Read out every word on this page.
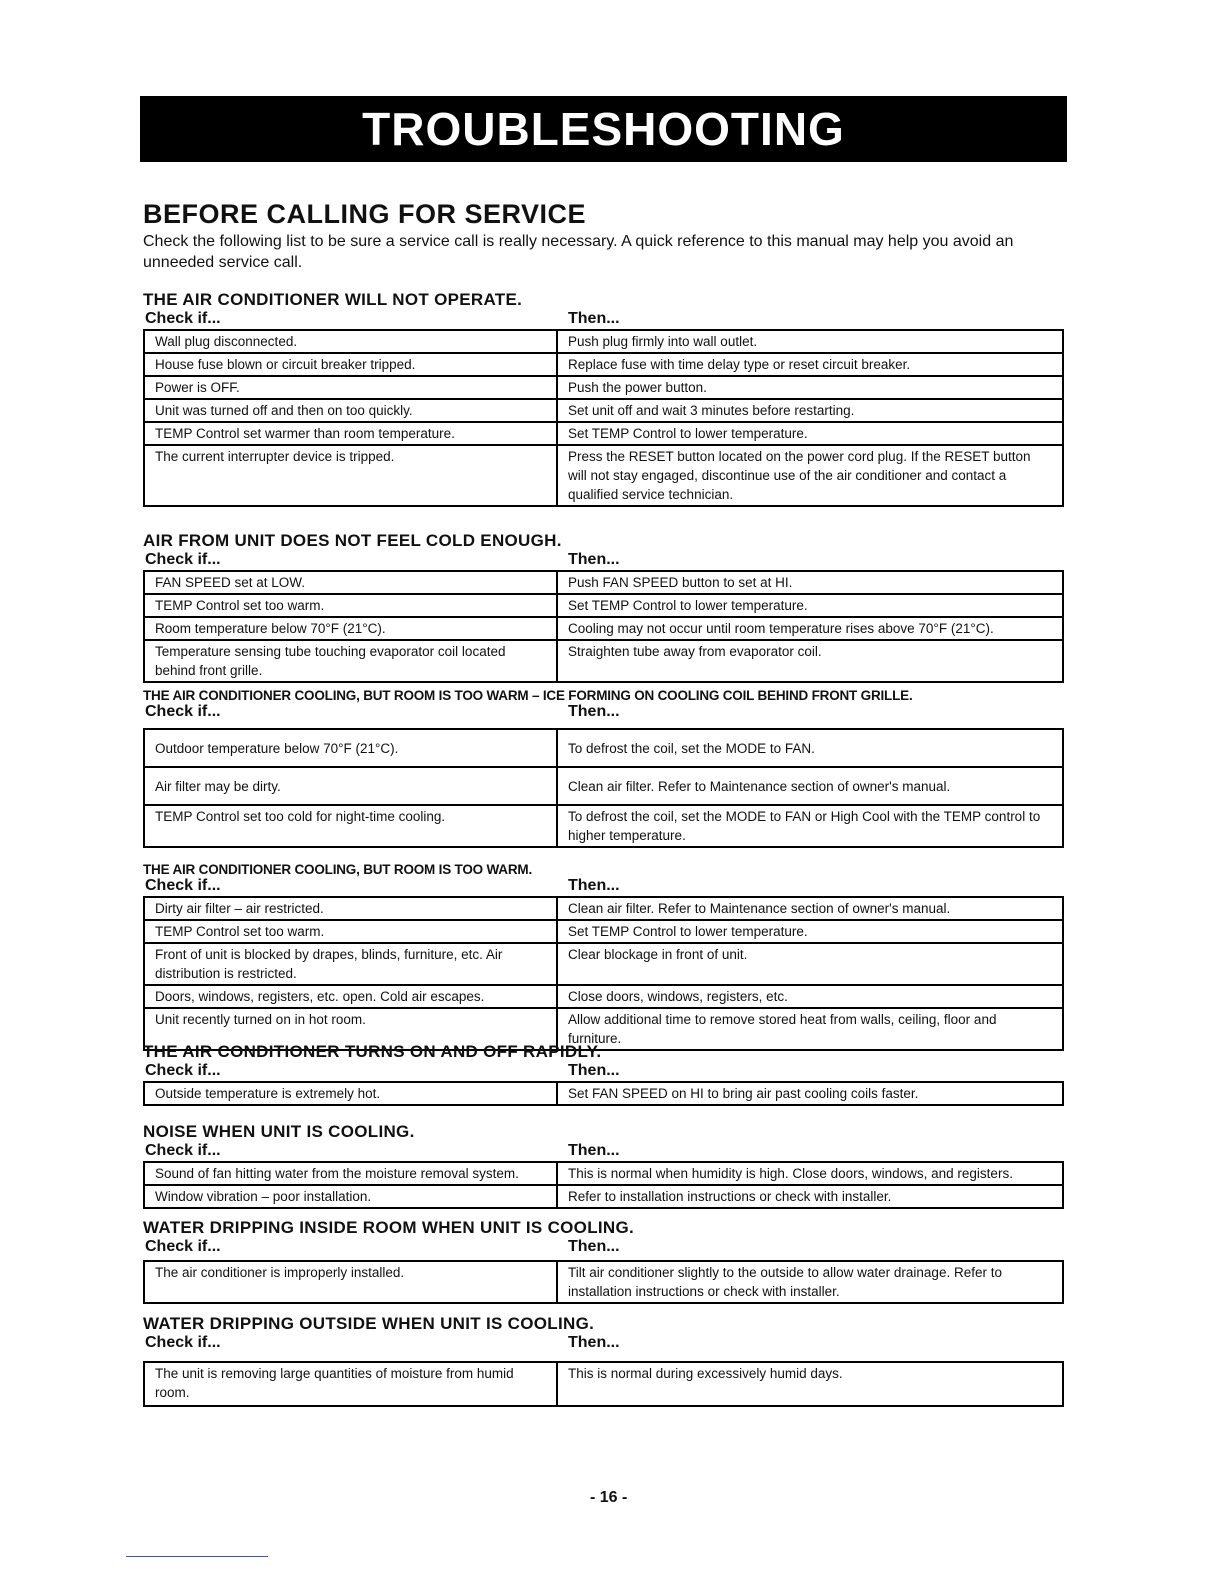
TROUBLESHOOTING
BEFORE CALLING FOR SERVICE
Check the following list to be sure a service call is really necessary. A quick reference to this manual may help you avoid an unneeded service call.
THE AIR CONDITIONER WILL NOT OPERATE.
Check if...	Then...
Wall plug disconnected.	Push plug firmly into wall outlet.
House fuse blown or circuit breaker tripped.	Replace fuse with time delay type or reset circuit breaker.
Power is OFF.	Push the power button.
Unit was turned off and then on too quickly.	Set unit off and wait 3 minutes before restarting.
TEMP Control set warmer than room temperature.	Set TEMP Control to lower temperature.
The current interrupter device is tripped.	Press the RESET button located on the power cord plug. If the RESET button will not stay engaged, discontinue use of the air conditioner and contact a qualified service technician.
AIR FROM UNIT DOES NOT FEEL COLD ENOUGH.
Check if...	Then...
FAN SPEED set at LOW.	Push FAN SPEED button to set at HI.
TEMP Control set too warm.	Set TEMP Control to lower temperature.
Room temperature below 70°F (21°C).	Cooling may not occur until room temperature rises above 70°F (21°C).
Temperature sensing tube touching evaporator coil located behind front grille.	Straighten tube away from evaporator coil.
THE AIR CONDITIONER COOLING, BUT ROOM IS TOO WARM – ICE FORMING ON COOLING COIL BEHIND FRONT GRILLE.
Check if...	Then...
Outdoor temperature below 70°F (21°C).	To defrost the coil, set the MODE to FAN.
Air filter may be dirty.	Clean air filter. Refer to Maintenance section of owner's manual.
TEMP Control set too cold for night-time cooling.	To defrost the coil, set the MODE to FAN or High Cool with the TEMP control to higher temperature.
THE AIR CONDITIONER COOLING, BUT ROOM IS TOO WARM.
Check if...	Then...
Dirty air filter – air restricted.	Clean air filter. Refer to Maintenance section of owner's manual.
TEMP Control set too warm.	Set TEMP Control to lower temperature.
Front of unit is blocked by drapes, blinds, furniture, etc. Air distribution is restricted.	Clear blockage in front of unit.
Doors, windows, registers, etc. open. Cold air escapes.	Close doors, windows, registers, etc.
Unit recently turned on in hot room.	Allow additional time to remove stored heat from walls, ceiling, floor and furniture.
THE AIR CONDITIONER TURNS ON AND OFF RAPIDLY.
Check if...	Then...
Outside temperature is extremely hot.	Set FAN SPEED on HI to bring air past cooling coils faster.
NOISE WHEN UNIT IS COOLING.
Check if...	Then...
Sound of fan hitting water from the moisture removal system.	This is normal when humidity is high. Close doors, windows, and registers.
Window vibration – poor installation.	Refer to installation instructions or check with installer.
WATER DRIPPING INSIDE ROOM WHEN UNIT IS COOLING.
Check if...	Then...
The air conditioner is improperly installed.	Tilt air conditioner slightly to the outside to allow water drainage. Refer to installation instructions or check with installer.
WATER DRIPPING OUTSIDE WHEN UNIT IS COOLING.
Check if...	Then...
The unit is removing large quantities of moisture from humid room.	This is normal during excessively humid days.
- 16 -
